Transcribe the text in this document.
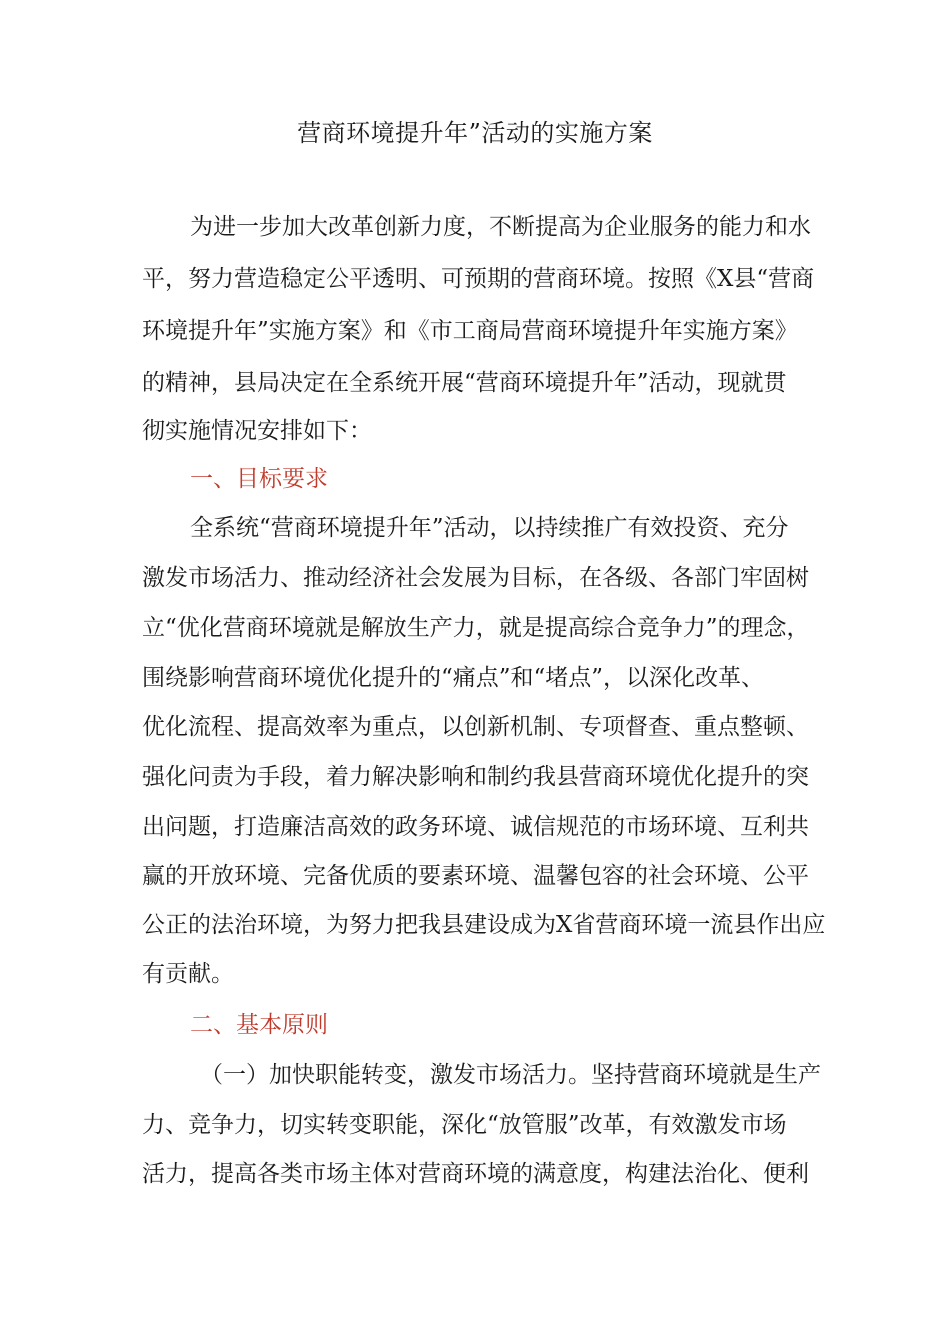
营商环境提升年”活动的实施方案
为进一步加大改革创新力度，不断提高为企业服务的能力和水
平，努力营造稳定公平透明、可预期的营商环境。按照《X县“营商
环境提升年”实施方案》和《市工商局营商环境提升年实施方案》
的精神，县局决定在全系统开展“营商环境提升年”活动，现就贯
彻实施情况安排如下：
一、目标要求
全系统“营商环境提升年”活动，以持续推广有效投资、充分
激发市场活力、推动经济社会发展为目标，在各级、各部门牢固树
立“优化营商环境就是解放生产力，就是提高综合竞争力”的理念，
围绕影响营商环境优化提升的“痛点”和“堵点”，以深化改革、
优化流程、提高效率为重点，以创新机制、专项督查、重点整顿、
强化问责为手段，着力解决影响和制约我县营商环境优化提升的突
出问题，打造廉洁高效的政务环境、诚信规范的市场环境、互利共
赢的开放环境、完备优质的要素环境、温馨包容的社会环境、公平
公正的法治环境，为努力把我县建设成为X省营商环境一流县作出应
有贡献。
二、基本原则
（一）加快职能转变，激发市场活力。坚持营商环境就是生产
力、竞争力，切实转变职能，深化“放管服”改革，有效激发市场
活力，提高各类市场主体对营商环境的满意度，构建法治化、便利
